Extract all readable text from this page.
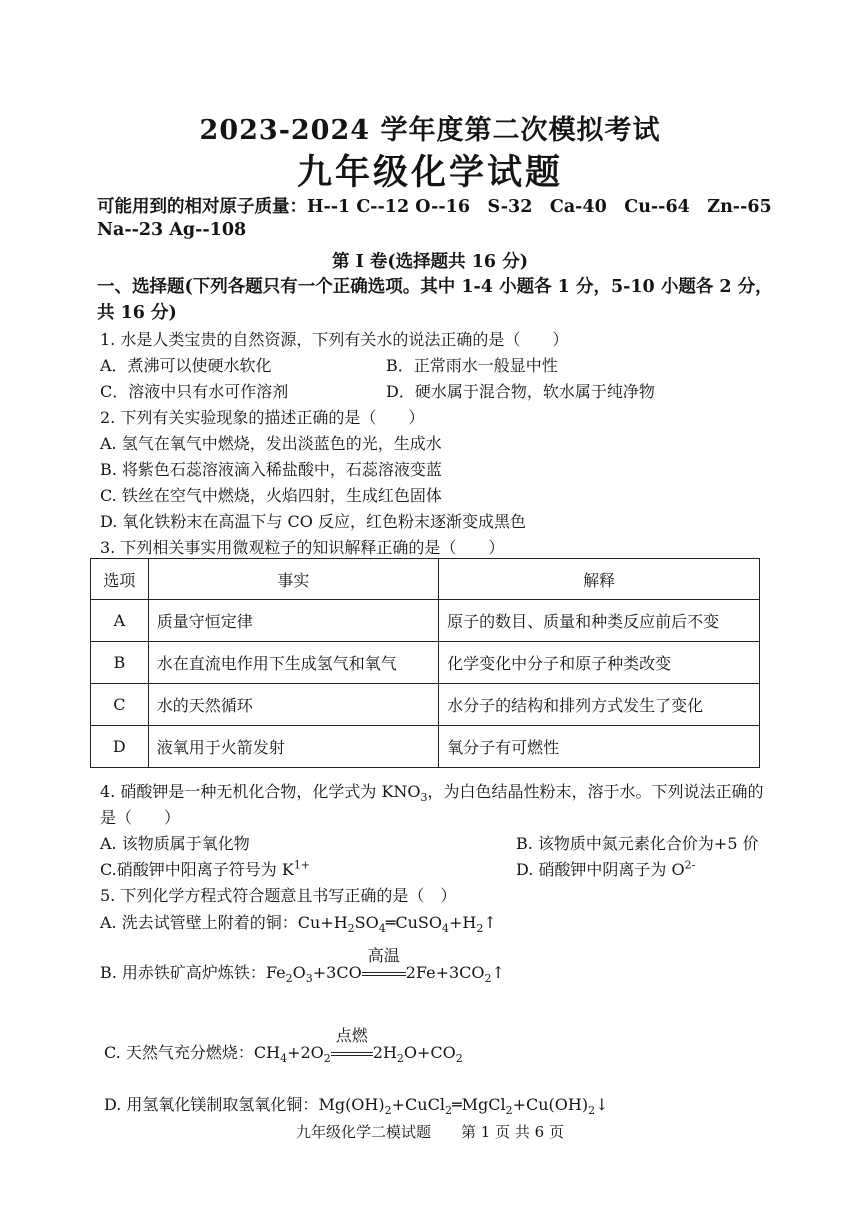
2023-2024 学年度第二次模拟考试
九年级化学试题
可能用到的相对原子质量：H--1 C--12 O--16　S-32　Ca-40　Cu--64　Zn--65
Na--23 Ag--108
第 I 卷(选择题共 16 分)
一、选择题(下列各题只有一个正确选项。其中 1-4 小题各 1 分，5-10 小题各 2 分，
共 16 分)
1. 水是人类宝贵的自然资源，下列有关水的说法正确的是（　　）
A．煮沸可以使硬水软化	B．正常雨水一般显中性
C．溶液中只有水可作溶剂	D．硬水属于混合物，软水属于纯净物
2. 下列有关实验现象的描述正确的是（　　）
A. 氢气在氧气中燃烧，发出淡蓝色的光，生成水
B. 将紫色石蕊溶液滴入稀盐酸中，石蕊溶液变蓝
C. 铁丝在空气中燃烧，火焰四射，生成红色固体
D. 氧化铁粉末在高温下与 CO 反应，红色粉末逐渐变成黑色
3. 下列相关事实用微观粒子的知识解释正确的是（　　）
选项	事实	解释
A	质量守恒定律	原子的数目、质量和种类反应前后不变
B	水在直流电作用下生成氢气和氧气	化学变化中分子和原子种类改变
C	水的天然循环	水分子的结构和排列方式发生了变化
D	液氧用于火箭发射	氧分子有可燃性
4. 硝酸钾是一种无机化合物，化学式为 $KNO_3$，为白色结晶性粉末，溶于水。下列说法正确的
是（　　）
A. 该物质属于氧化物	B. 该物质中氮元素化合价为+5 价
C.硝酸钾中阳离子符号为 $K^{1+}$	D. 硝酸钾中阴离子为 $O^{2-}$
5. 下列化学方程式符合题意且书写正确的是（　）
A. 洗去试管壁上附着的铜：$Cu+H_2SO_4═CuSO_4+H_2↑$
B. 用赤铁矿高炉炼铁：$Fe_2O_3+3CO$
高温
$2Fe+3CO_2↑$
C. 天然气充分燃烧：$CH_4+2O_2$
点燃
$2H_2O+CO_2$
D. 用氢氧化镁制取氢氧化铜：$Mg(OH)_2+CuCl_2═MgCl_2+Cu(OH)_2↓$
九年级化学二模试题　　第 1 页 共 6 页
